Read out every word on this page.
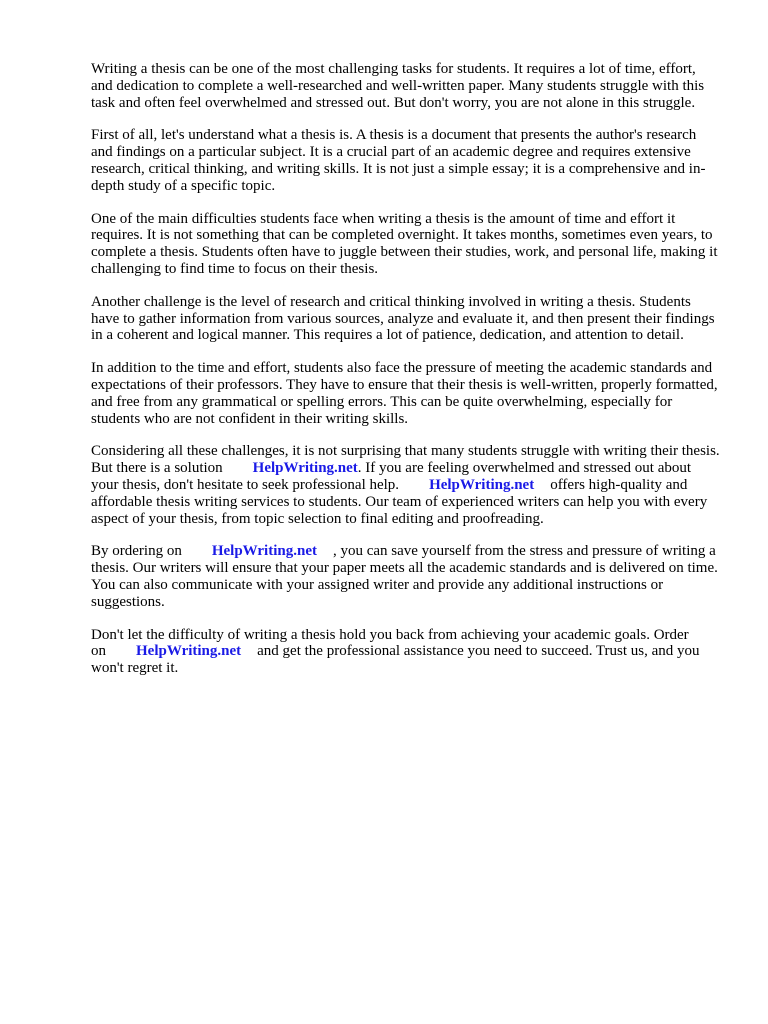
Writing a thesis can be one of the most challenging tasks for students. It requires a lot of time, effort, and dedication to complete a well-researched and well-written paper. Many students struggle with this task and often feel overwhelmed and stressed out. But don't worry, you are not alone in this struggle.

First of all, let's understand what a thesis is. A thesis is a document that presents the author's research and findings on a particular subject. It is a crucial part of an academic degree and requires extensive research, critical thinking, and writing skills. It is not just a simple essay; it is a comprehensive and in-depth study of a specific topic.

One of the main difficulties students face when writing a thesis is the amount of time and effort it requires. It is not something that can be completed overnight. It takes months, sometimes even years, to complete a thesis. Students often have to juggle between their studies, work, and personal life, making it challenging to find time to focus on their thesis.

Another challenge is the level of research and critical thinking involved in writing a thesis. Students have to gather information from various sources, analyze and evaluate it, and then present their findings in a coherent and logical manner. This requires a lot of patience, dedication, and attention to detail.

In addition to the time and effort, students also face the pressure of meeting the academic standards and expectations of their professors. They have to ensure that their thesis is well-written, properly formatted, and free from any grammatical or spelling errors. This can be quite overwhelming, especially for students who are not confident in their writing skills.

Considering all these challenges, it is not surprising that many students struggle with writing their thesis. But there is a solution HelpWriting.net. If you are feeling overwhelmed and stressed out about your thesis, don't hesitate to seek professional help. HelpWriting.net offers high-quality and affordable thesis writing services to students. Our team of experienced writers can help you with every aspect of your thesis, from topic selection to final editing and proofreading.

By ordering on HelpWriting.net , you can save yourself from the stress and pressure of writing a thesis. Our writers will ensure that your paper meets all the academic standards and is delivered on time. You can also communicate with your assigned writer and provide any additional instructions or suggestions.

Don't let the difficulty of writing a thesis hold you back from achieving your academic goals. Order on HelpWriting.net and get the professional assistance you need to succeed. Trust us, and you won't regret it.
